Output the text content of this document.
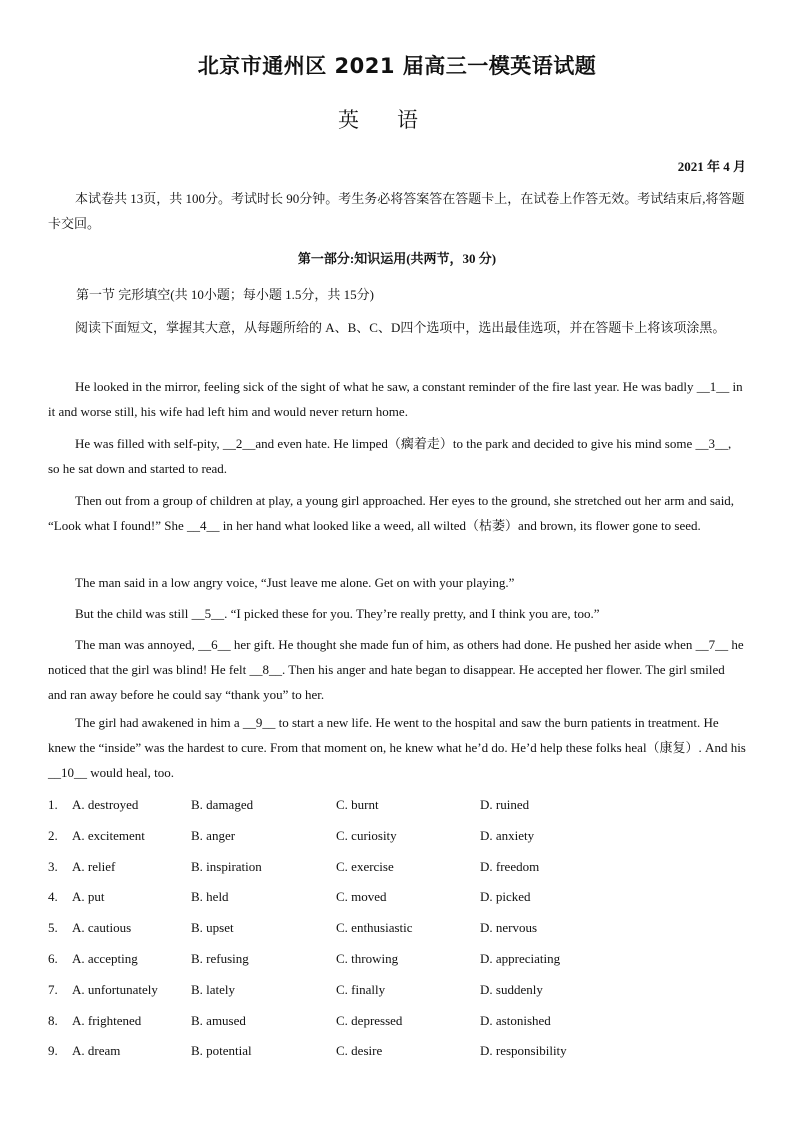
北京市通州区 2021 届高三一模英语试题
英语
2021 年 4 月

本试卷共 13页，共 100分。考试时长 90分钟。考生务必将答案答在答题卡上，在试卷上作答无效。考试结束后,将答题卡交回。

第一部分:知识运用(共两节，30 分)
第一节 完形填空(共 10小题；每小题 1.5分，共 15分)

阅读下面短文，掌握其大意，从每题所给的 A、B、C、D四个选项中，选出最佳选项，并在答题卡上将该项涂黑。

He looked in the mirror, feeling sick of the sight of what he saw, a constant reminder of the fire last year. He was badly __1__ in it and worse still, his wife had left him and would never return home.

He was filled with self-pity, __2__and even hate. He limped（瘸着走）to the park and decided to give his mind some __3__, so he sat down and started to read.

Then out from a group of children at play, a young girl approached. Her eyes to the ground, she stretched out her arm and said, “Look what I found!” She __4__ in her hand what looked like a weed, all wilted（枯萎）and brown, its flower gone to seed.

The man said in a low angry voice, “Just leave me alone. Get on with your playing.”

But the child was still __5__. “I picked these for you. They’re really pretty, and I think you are, too.”

The man was annoyed, __6__ her gift. He thought she made fun of him, as others had done. He pushed her aside when __7__ he noticed that the girl was blind! He felt __8__. Then his anger and hate began to disappear. He accepted her flower. The girl smiled and ran away before he could say “thank you” to her.

The girl had awakened in him a __9__ to start a new life. He went to the hospital and saw the burn patients in treatment. He knew the “inside” was the hardest to cure. From that moment on, he knew what he’d do. He’d help these folks heal（康复）. And his __10__ would heal, too.

1. A. destroyed	B. damaged	C. burnt	D. ruined
2. A. excitement	B. anger	C. curiosity	D. anxiety
3. A. relief	B. inspiration	C. exercise	D. freedom
4. A. put	B. held	C. moved	D. picked
5. A. cautious	B. upset	C. enthusiastic	D. nervous
6. A. accepting	B. refusing	C. throwing	D. appreciating
7. A. unfortunately	B. lately	C. finally	D. suddenly
8. A. frightened	B. amused	C. depressed	D. astonished
9. A. dream	B. potential	C. desire	D. responsibility
